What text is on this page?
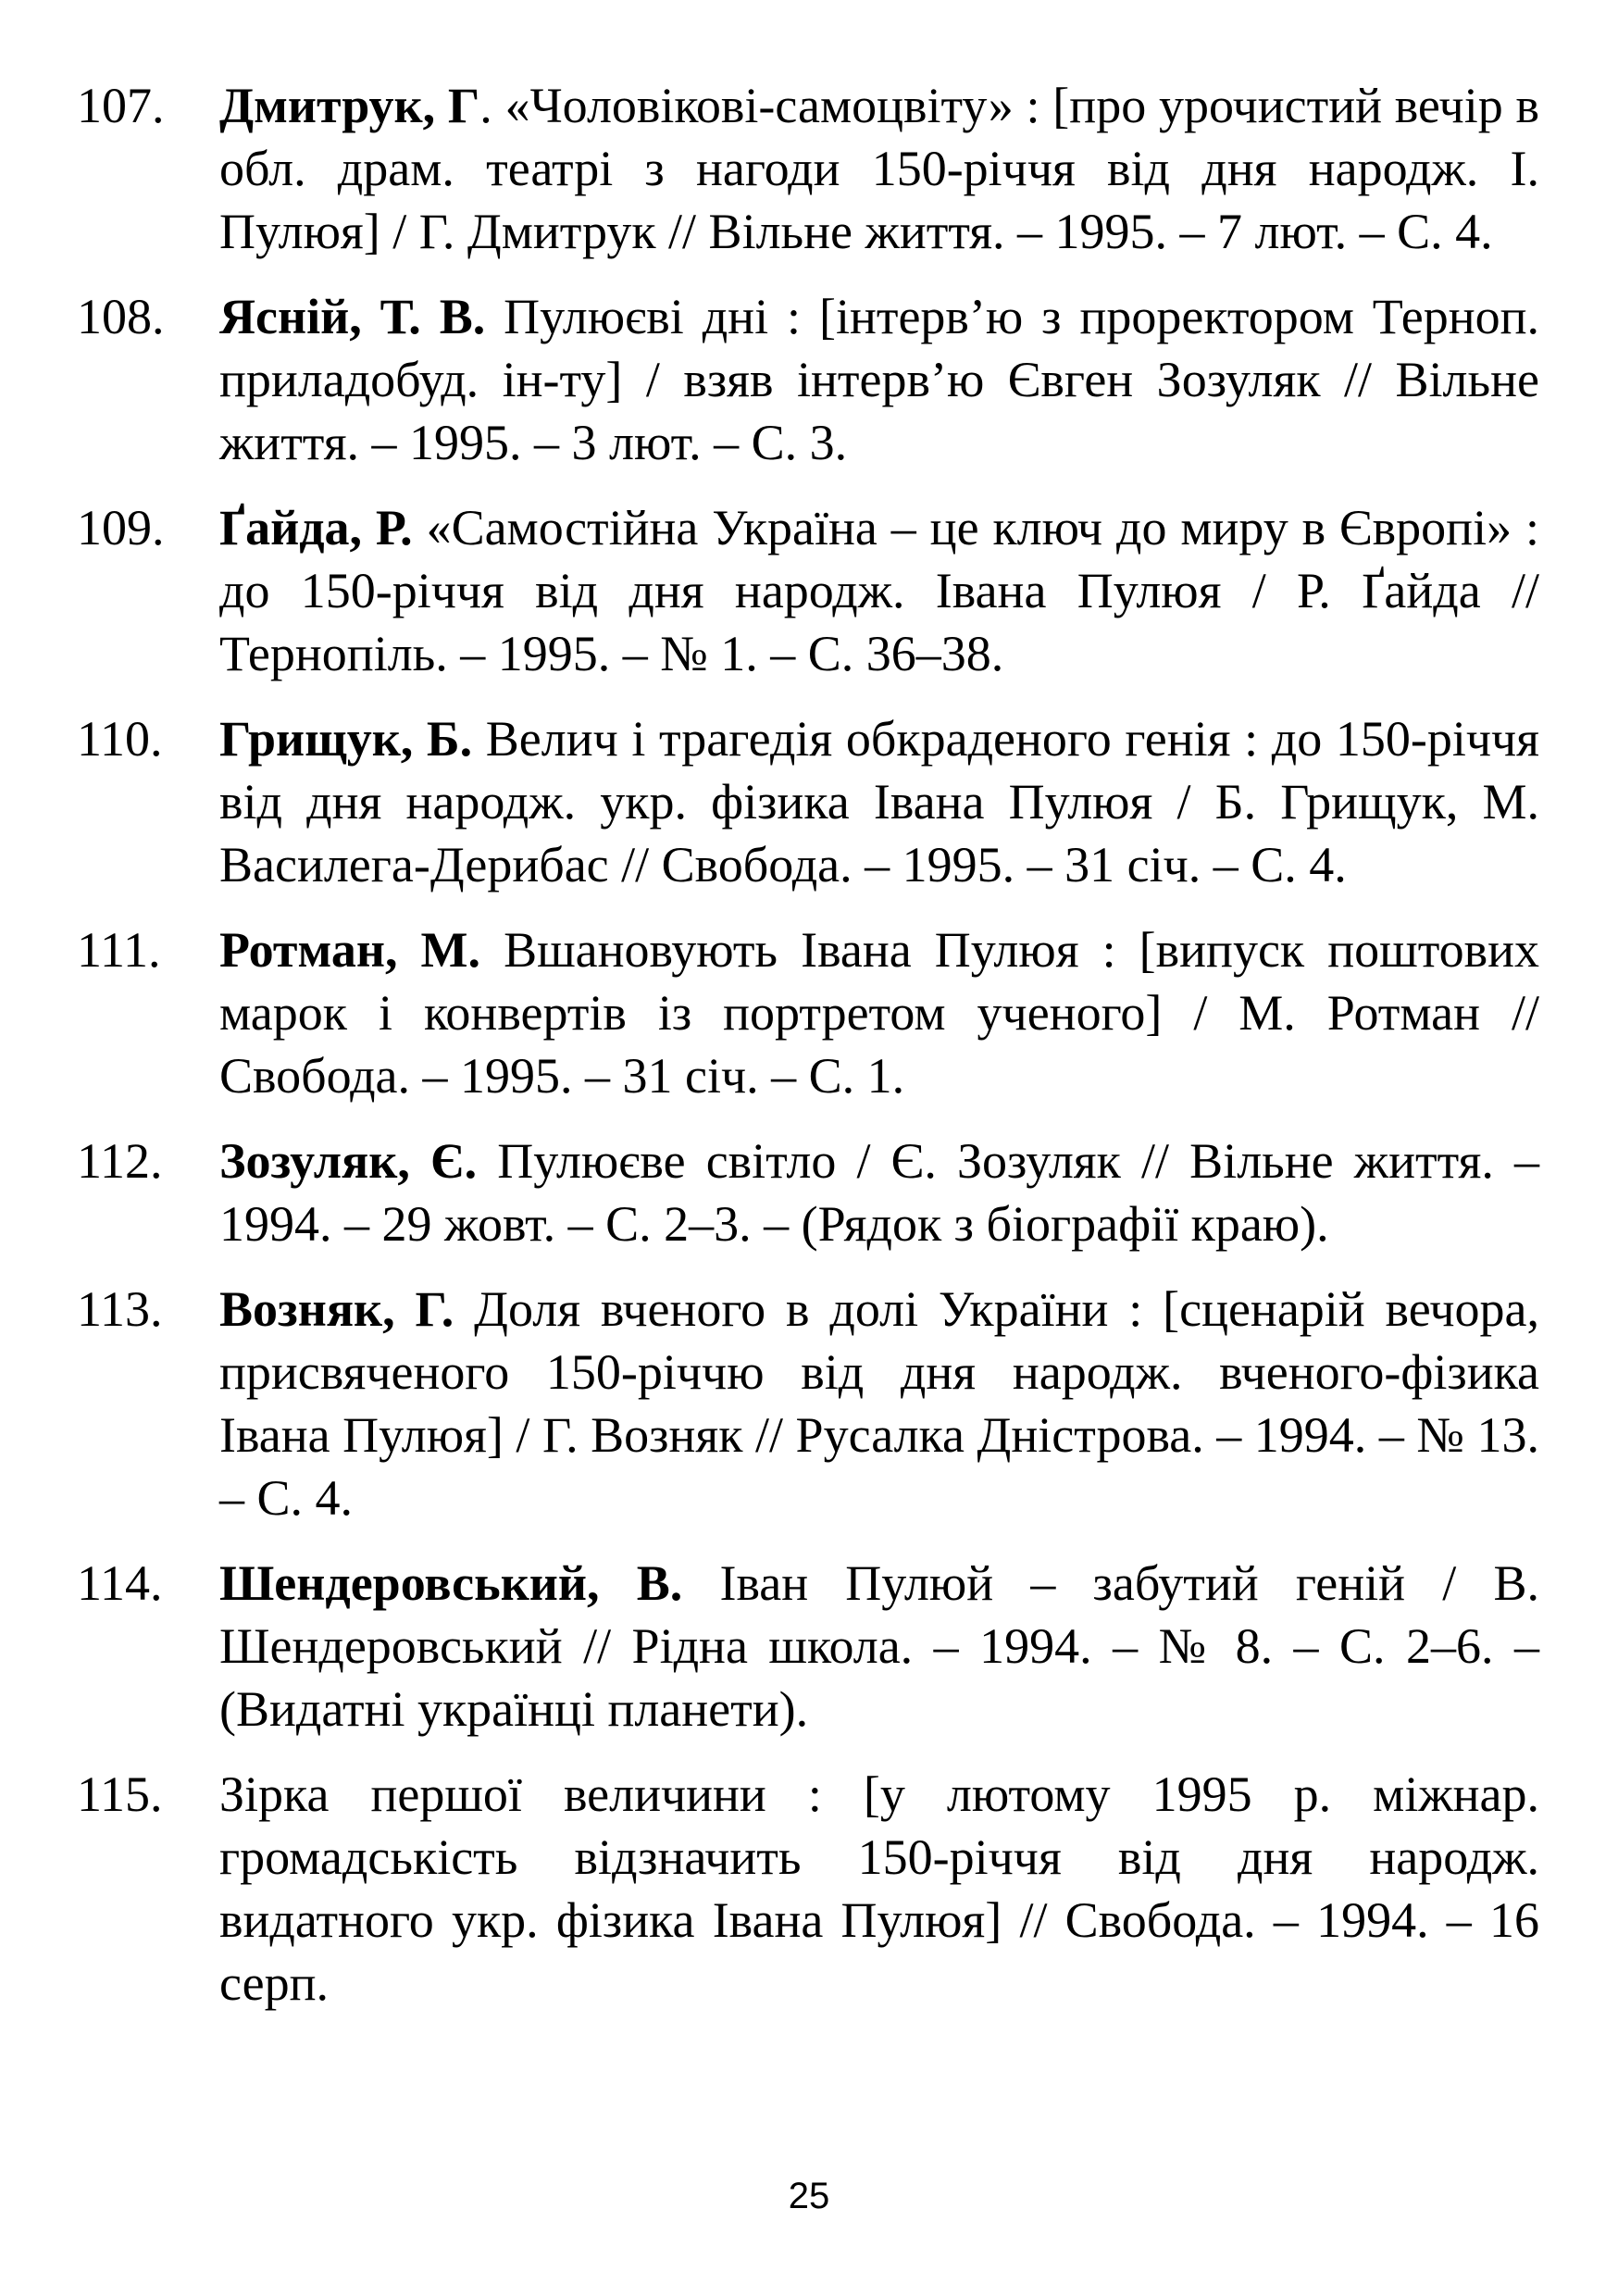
107.	Дмитрук, Г. «Чоловікові-самоцвіту» : [про урочистий вечір в обл. драм. театрі з нагоди 150-річчя від дня народж. І. Пулюя] / Г. Дмитрук // Вільне життя. – 1995. – 7 лют. – С. 4.
108.	Ясній, Т. В. Пулюєві дні : [інтерв’ю з проректором Терноп. приладобуд. ін-ту] / взяв інтерв’ю Євген Зозуляк // Вільне життя. – 1995. – 3 лют. – С. 3.
109.	Ґайда, Р. «Самостійна Україна – це ключ до миру в Європі» : до 150-річчя від дня народж. Івана Пулюя / Р. Ґайда // Тернопіль. – 1995. – № 1. – С. 36–38.
110.	Грищук, Б. Велич і трагедія обкраденого генія : до 150-річчя від дня народж. укр. фізика Івана Пулюя / Б. Грищук, М. Василега-Дерибас // Свобода. – 1995. – 31 січ. – С. 4.
111.	Ротман, М. Вшановують Івана Пулюя : [випуск поштових марок і конвертів із портретом ученого] / М. Ротман // Свобода. – 1995. – 31 січ. – С. 1.
112.	Зозуляк, Є. Пулюєве світло / Є. Зозуляк // Вільне життя. – 1994. – 29 жовт. – С. 2–3. – (Рядок з біографії краю).
113.	Возняк, Г. Доля вченого в долі України : [сценарій вечора, присвяченого 150-річчю від дня народж. вченого-фізика Івана Пулюя] / Г. Возняк // Русалка Дністрова. – 1994. – № 13. – С. 4.
114.	Шендеровський, В. Іван Пулюй – забутий геній / В. Шендеровський // Рідна школа. – 1994. – № 8. – С. 2–6. – (Видатні українці планети).
115.	Зірка першої величини : [у лютому 1995 р. міжнар. громадськість відзначить 150-річчя від дня народж. видатного укр. фізика Івана Пулюя] // Свобода. – 1994. – 16 серп.
25
